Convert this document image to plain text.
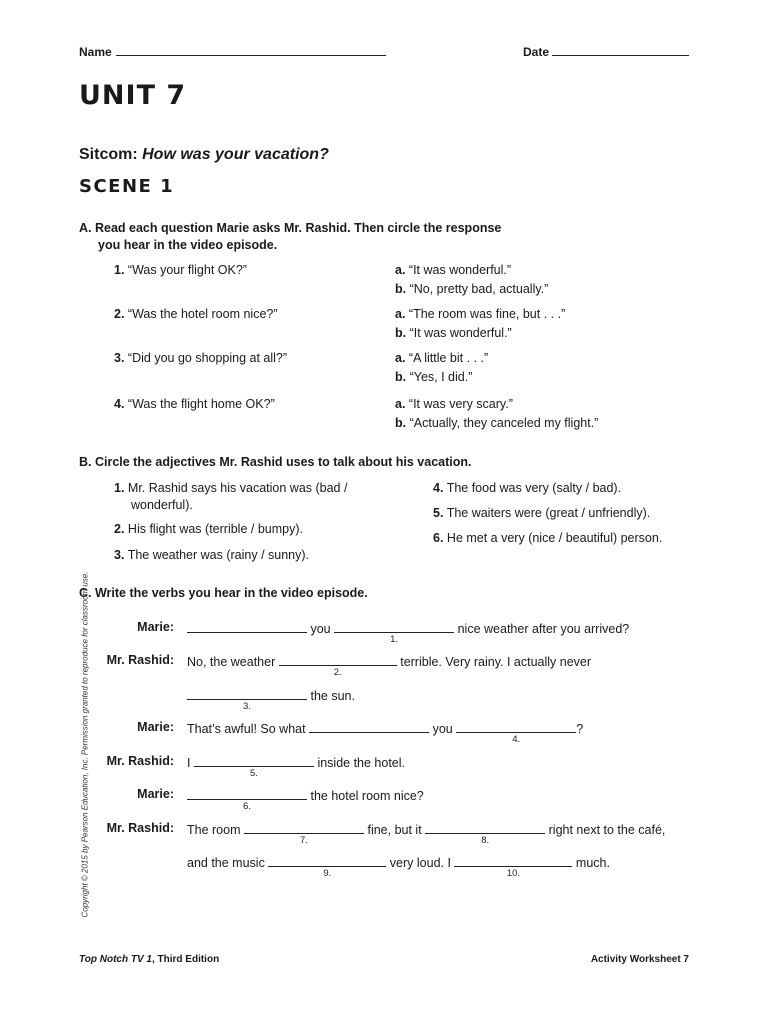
Name	Date
UNIT 7
Sitcom: How was your vacation?
SCENE 1
A. Read each question Marie asks Mr. Rashid. Then circle the response
you hear in the video episode.
1. “Was your flight OK?”	a. “It was wonderful.”
b. “No, pretty bad, actually.”
2. “Was the hotel room nice?”	a. “The room was fine, but . . .”
b. “It was wonderful.”
3. “Did you go shopping at all?”	a. “A little bit . . .”
b. “Yes, I did.”
4. “Was the flight home OK?”	a. “It was very scary.”
b. “Actually, they canceled my flight.”
B. Circle the adjectives Mr. Rashid uses to talk about his vacation.
1. Mr. Rashid says his vacation was (bad /
wonderful).
2. His flight was (terrible / bumpy).
3. The weather was (rainy / sunny).
4. The food was very (salty / bad).
5. The waiters were (great / unfriendly).
6. He met a very (nice / beautiful) person.
C. Write the verbs you hear in the video episode.
Marie:	you
1.
nice weather after you arrived?
Mr. Rashid: No, the weather
2.
terrible. Very rainy. I actually never
3.
the sun.
Marie: That’s awful! So what	you
4.
?
Mr. Rashid: I
5.
inside the hotel.
Marie:
6.
the hotel room nice?
Mr. Rashid: The room
7.
fine, but it
8.
right next to the café,
and the music
9.
very loud. I
10.
much.
Copyright © 2015 by Pearson Education, Inc. Permission granted to reproduce for classroom use.
Top Notch TV 1, Third Edition	Activity Worksheet 7
